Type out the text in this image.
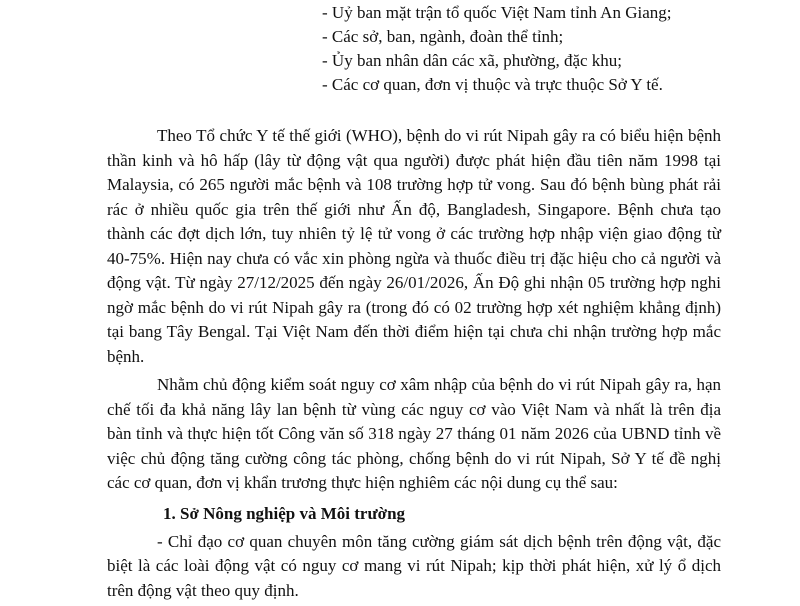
- Uỷ ban mặt trận tổ quốc Việt Nam tỉnh An Giang;
- Các sở, ban, ngành, đoàn thể tỉnh;
- Ủy ban nhân dân các xã, phường, đặc khu;
- Các cơ quan, đơn vị thuộc và trực thuộc Sở Y tế.

Theo Tổ chức Y tế thế giới (WHO), bệnh do vi rút Nipah gây ra có biểu hiện bệnh thần kinh và hô hấp (lây từ động vật qua người) được phát hiện đầu tiên năm 1998 tại Malaysia, có 265 người mắc bệnh và 108 trường hợp tử vong. Sau đó bệnh bùng phát rải rác ở nhiều quốc gia trên thế giới như Ấn độ, Bangladesh, Singapore. Bệnh chưa tạo thành các đợt dịch lớn, tuy nhiên tỷ lệ tử vong ở các trường hợp nhập viện giao động từ 40-75%. Hiện nay chưa có vắc xin phòng ngừa và thuốc điều trị đặc hiệu cho cả người và động vật. Từ ngày 27/12/2025 đến ngày 26/01/2026, Ấn Độ ghi nhận 05 trường hợp nghi ngờ mắc bệnh do vi rút Nipah gây ra (trong đó có 02 trường hợp xét nghiệm khẳng định) tại bang Tây Bengal. Tại Việt Nam đến thời điểm hiện tại chưa chi nhận trường hợp mắc bệnh.

Nhằm chủ động kiểm soát nguy cơ xâm nhập của bệnh do vi rút Nipah gây ra, hạn chế tối đa khả năng lây lan bệnh từ vùng các nguy cơ vào Việt Nam và nhất là trên địa bàn tỉnh và thực hiện tốt Công văn số 318 ngày 27 tháng 01 năm 2026 của UBND tỉnh về việc chủ động tăng cường công tác phòng, chống bệnh do vi rút Nipah, Sở Y tế đề nghị các cơ quan, đơn vị khẩn trương thực hiện nghiêm các nội dung cụ thể sau:

1. Sở Nông nghiệp và Môi trường

- Chỉ đạo cơ quan chuyên môn tăng cường giám sát dịch bệnh trên động vật, đặc biệt là các loài động vật có nguy cơ mang vi rút Nipah; kịp thời phát hiện, xử lý ổ dịch trên động vật theo quy định.
